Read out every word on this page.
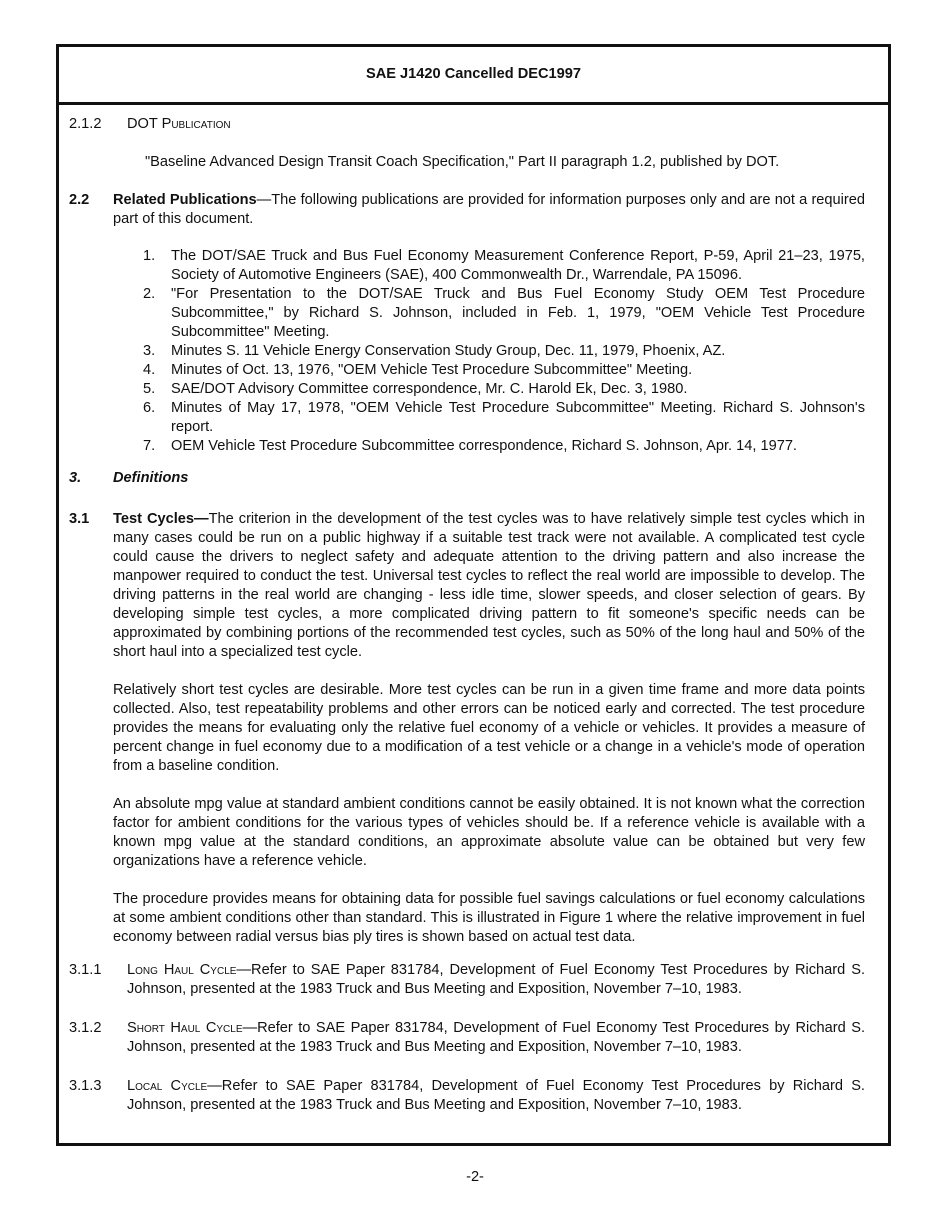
SAE J1420 Cancelled DEC1997
2.1.2 DOT Publication
"Baseline Advanced Design Transit Coach Specification," Part II paragraph 1.2, published by DOT.
2.2 Related Publications—The following publications are provided for information purposes only and are not a required part of this document.
1. The DOT/SAE Truck and Bus Fuel Economy Measurement Conference Report, P-59, April 21–23, 1975, Society of Automotive Engineers (SAE), 400 Commonwealth Dr., Warrendale, PA 15096.
2. "For Presentation to the DOT/SAE Truck and Bus Fuel Economy Study OEM Test Procedure Subcommittee," by Richard S. Johnson, included in Feb. 1, 1979, "OEM Vehicle Test Procedure Subcommittee" Meeting.
3. Minutes S. 11 Vehicle Energy Conservation Study Group, Dec. 11, 1979, Phoenix, AZ.
4. Minutes of Oct. 13, 1976, "OEM Vehicle Test Procedure Subcommittee" Meeting.
5. SAE/DOT Advisory Committee correspondence, Mr. C. Harold Ek, Dec. 3, 1980.
6. Minutes of May 17, 1978, "OEM Vehicle Test Procedure Subcommittee" Meeting. Richard S. Johnson's report.
7. OEM Vehicle Test Procedure Subcommittee correspondence, Richard S. Johnson, Apr. 14, 1977.
3. Definitions
3.1 Test Cycles—The criterion in the development of the test cycles was to have relatively simple test cycles which in many cases could be run on a public highway if a suitable test track were not available. A complicated test cycle could cause the drivers to neglect safety and adequate attention to the driving pattern and also increase the manpower required to conduct the test. Universal test cycles to reflect the real world are impossible to develop. The driving patterns in the real world are changing - less idle time, slower speeds, and closer selection of gears. By developing simple test cycles, a more complicated driving pattern to fit someone's specific needs can be approximated by combining portions of the recommended test cycles, such as 50% of the long haul and 50% of the short haul into a specialized test cycle.

Relatively short test cycles are desirable. More test cycles can be run in a given time frame and more data points collected. Also, test repeatability problems and other errors can be noticed early and corrected. The test procedure provides the means for evaluating only the relative fuel economy of a vehicle or vehicles. It provides a measure of percent change in fuel economy due to a modification of a test vehicle or a change in a vehicle's mode of operation from a baseline condition.

An absolute mpg value at standard ambient conditions cannot be easily obtained. It is not known what the correction factor for ambient conditions for the various types of vehicles should be. If a reference vehicle is available with a known mpg value at the standard conditions, an approximate absolute value can be obtained but very few organizations have a reference vehicle.

The procedure provides means for obtaining data for possible fuel savings calculations or fuel economy calculations at some ambient conditions other than standard. This is illustrated in Figure 1 where the relative improvement in fuel economy between radial versus bias ply tires is shown based on actual test data.

3.1.1 Long Haul Cycle—Refer to SAE Paper 831784, Development of Fuel Economy Test Procedures by Richard S. Johnson, presented at the 1983 Truck and Bus Meeting and Exposition, November 7–10, 1983.
3.1.2 Short Haul Cycle—Refer to SAE Paper 831784, Development of Fuel Economy Test Procedures by Richard S. Johnson, presented at the 1983 Truck and Bus Meeting and Exposition, November 7–10, 1983.
3.1.3 Local Cycle—Refer to SAE Paper 831784, Development of Fuel Economy Test Procedures by Richard S. Johnson, presented at the 1983 Truck and Bus Meeting and Exposition, November 7–10, 1983.
-2-
